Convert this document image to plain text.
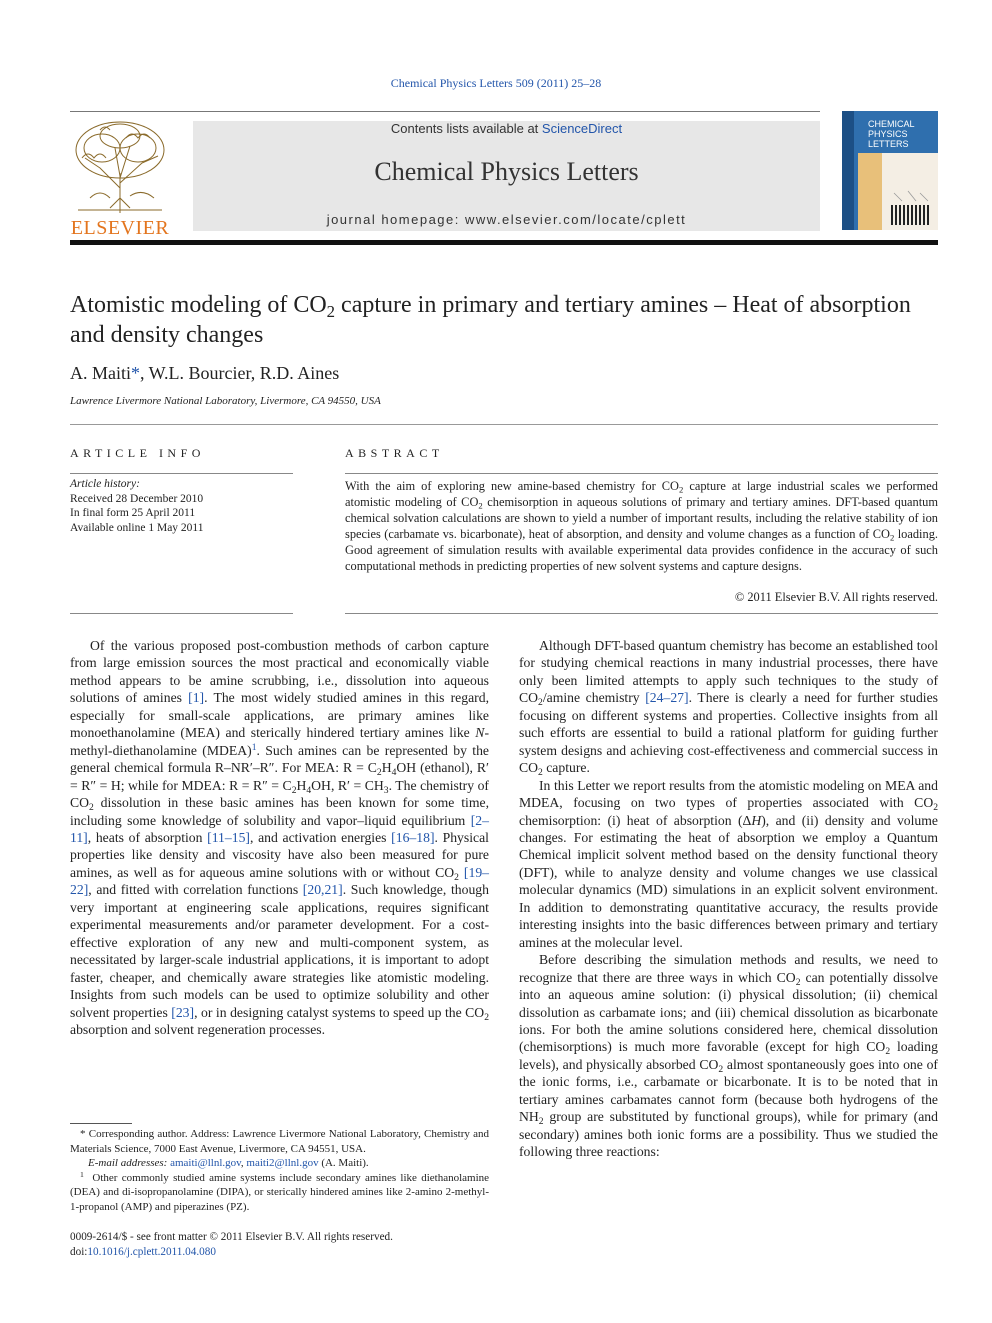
Chemical Physics Letters 509 (2011) 25–28
ELSEVIER
Contents lists available at ScienceDirect
Chemical Physics Letters
journal homepage: www.elsevier.com/locate/cplett
CHEMICAL
PHYSICS
LETTERS
Atomistic modeling of $CO_2$ capture in primary and tertiary amines – Heat of absorption and density changes
A. Maiti*, W.L. Bourcier, R.D. Aines
Lawrence Livermore National Laboratory, Livermore, CA 94550, USA
ARTICLE INFO
Article history:
Received 28 December 2010
In final form 25 April 2011
Available online 1 May 2011
ABSTRACT
With the aim of exploring new amine-based chemistry for $CO_2$ capture at large industrial scales we performed atomistic modeling of $CO_2$ chemisorption in aqueous solutions of primary and tertiary amines. DFT-based quantum chemical solvation calculations are shown to yield a number of important results, including the relative stability of ion species (carbamate vs. bicarbonate), heat of absorption, and density and volume changes as a function of $CO_2$ loading. Good agreement of simulation results with available experimental data provides confidence in the accuracy of such computational methods in predicting properties of new solvent systems and capture designs.
© 2011 Elsevier B.V. All rights reserved.

Of the various proposed post-combustion methods of carbon capture from large emission sources the most practical and economically viable method appears to be amine scrubbing, i.e., dissolution into aqueous solutions of amines [1]. The most widely studied amines in this regard, especially for small-scale applications, are primary amines like monoethanolamine (MEA) and sterically hindered tertiary amines like N-methyl-diethanolamine (MDEA)$^1$. Such amines can be represented by the general chemical formula R–NR′–R″. For MEA: $R = C_2H_4OH$ (ethanol), R′ = R″ = H; while for MDEA: $R = R'' = C_2H_4OH$, $R' = CH_3$. The chemistry of $CO_2$ dissolution in these basic amines has been known for some time, including some knowledge of solubility and vapor–liquid equilibrium [2–11], heats of absorption [11–15], and activation energies [16–18]. Physical properties like density and viscosity have also been measured for pure amines, as well as for aqueous amine solutions with or without $CO_2$ [19–22], and fitted with correlation functions [20,21]. Such knowledge, though very important at engineering scale applications, requires significant experimental measurements and/or parameter development. For a cost-effective exploration of any new and multi-component system, as necessitated by larger-scale industrial applications, it is important to adopt faster, cheaper, and chemically aware strategies like atomistic modeling. Insights from such models can be used to optimize solubility and other solvent properties [23], or in designing catalyst systems to speed up the $CO_2$ absorption and solvent regeneration processes.

* Corresponding author. Address: Lawrence Livermore National Laboratory, Chemistry and Materials Science, 7000 East Avenue, Livermore, CA 94551, USA.
E-mail addresses: amaiti@llnl.gov, maiti2@llnl.gov (A. Maiti).
$^1$ Other commonly studied amine systems include secondary amines like diethanolamine (DEA) and di-isopropanolamine (DIPA), or sterically hindered amines like 2-amino 2-methyl-1-propanol (AMP) and piperazines (PZ).
0009-2614/$ - see front matter © 2011 Elsevier B.V. All rights reserved.
doi:10.1016/j.cplett.2011.04.080

Although DFT-based quantum chemistry has become an established tool for studying chemical reactions in many industrial processes, there have only been limited attempts to apply such techniques to the study of $CO_2$/amine chemistry [24–27]. There is clearly a need for further studies focusing on different systems and properties. Collective insights from all such efforts are essential to build a rational platform for guiding further system designs and achieving cost-effectiveness and commercial success in $CO_2$ capture.

In this Letter we report results from the atomistic modeling on MEA and MDEA, focusing on two types of properties associated with $CO_2$ chemisorption: (i) heat of absorption (ΔH), and (ii) density and volume changes. For estimating the heat of absorption we employ a Quantum Chemical implicit solvent method based on the density functional theory (DFT), while to analyze density and volume changes we use classical molecular dynamics (MD) simulations in an explicit solvent environment. In addition to demonstrating quantitative accuracy, the results provide interesting insights into the basic differences between primary and tertiary amines at the molecular level.

Before describing the simulation methods and results, we need to recognize that there are three ways in which $CO_2$ can potentially dissolve into an aqueous amine solution: (i) physical dissolution; (ii) chemical dissolution as carbamate ions; and (iii) chemical dissolution as bicarbonate ions. For both the amine solutions considered here, chemical dissolution (chemisorptions) is much more favorable (except for high $CO_2$ loading levels), and physically absorbed $CO_2$ almost spontaneously goes into one of the ionic forms, i.e., carbamate or bicarbonate. It is to be noted that in tertiary amines carbamates cannot form (because both hydrogens of the $NH_2$ group are substituted by functional groups), while for primary (and secondary) amines both ionic forms are a possibility. Thus we studied the following three reactions:
